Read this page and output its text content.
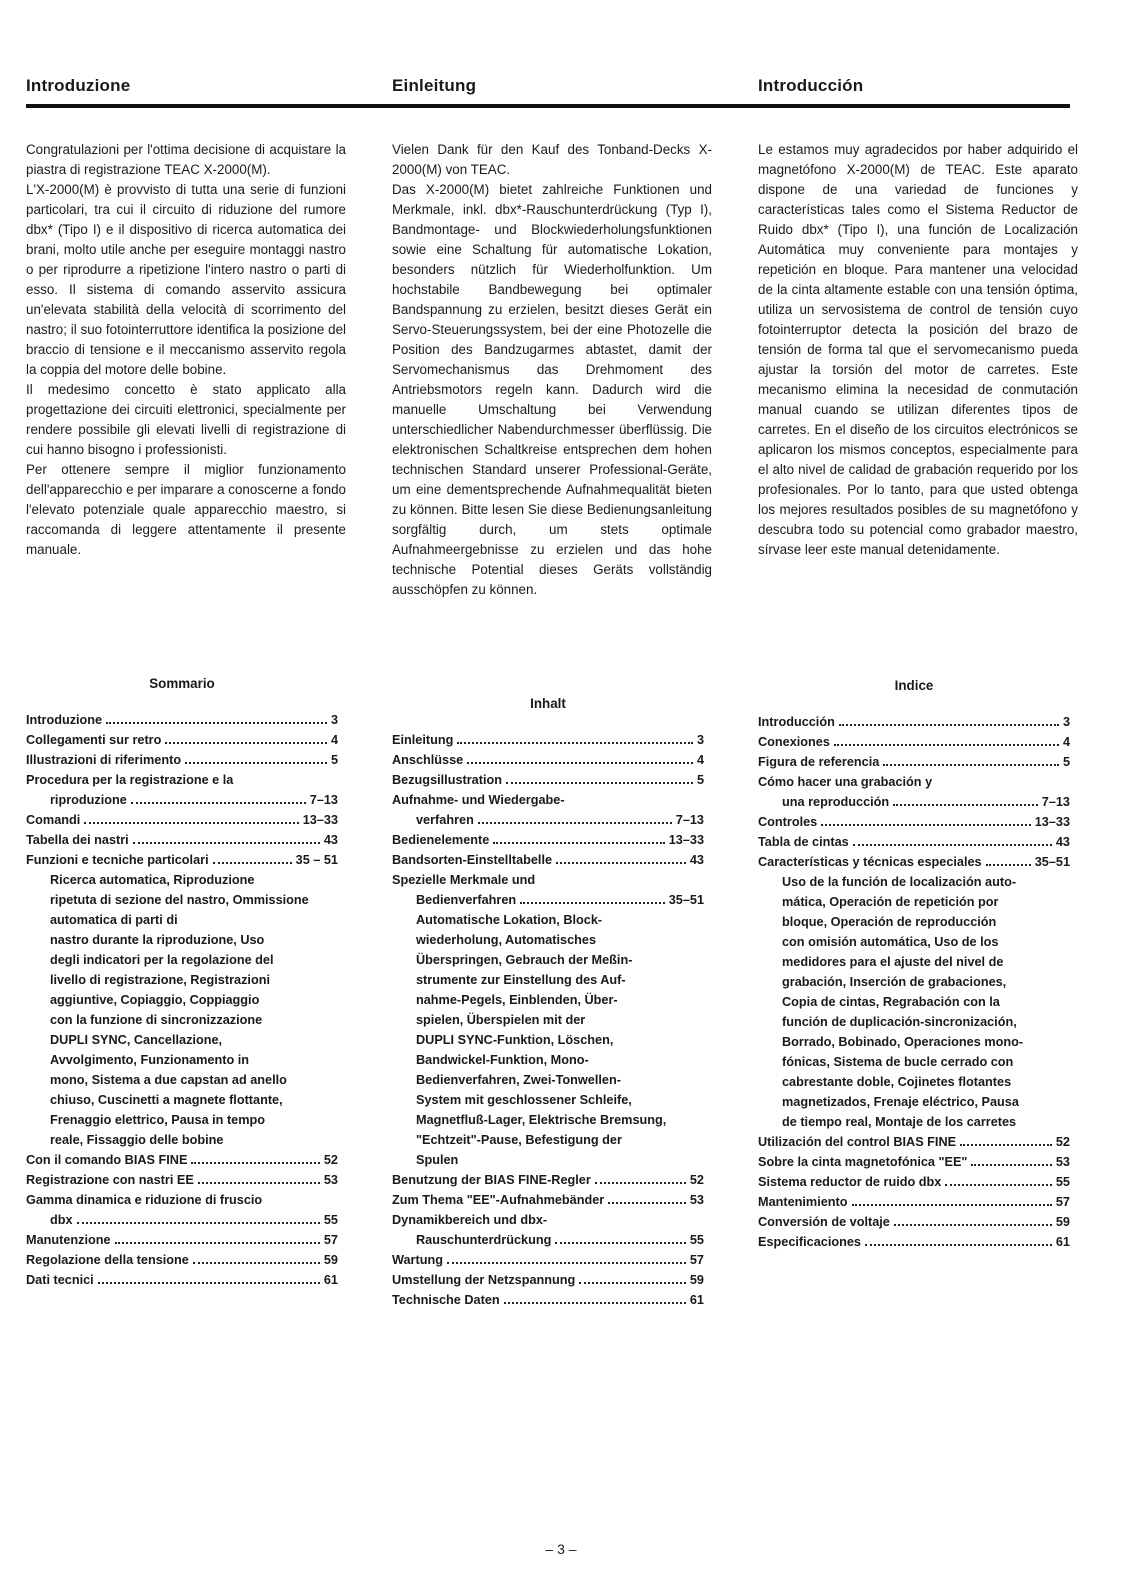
Introduzione	Einleitung	Introducción

Congratulazioni per l'ottima decisione di acquistare la piastra di registrazione TEAC X-2000(M).
L'X-2000(M) è provvisto di tutta una serie di funzioni particolari, tra cui il circuito di riduzione del rumore dbx* (Tipo I) e il dispositivo di ricerca automatica dei brani, molto utile anche per eseguire montaggi nastro o per riprodurre a ripetizione l'intero nastro o parti di esso. Il sistema di comando asservito assicura un'elevata stabilità della velocità di scorrimento del nastro; il suo fotointerruttore identifica la posizione del braccio di tensione e il meccanismo asservito regola la coppia del motore delle bobine.
Il medesimo concetto è stato applicato alla progettazione dei circuiti elettronici, specialmente per rendere possibile gli elevati livelli di registrazione di cui hanno bisogno i professionisti.
Per ottenere sempre il miglior funzionamento dell'apparecchio e per imparare a conoscerne a fondo l'elevato potenziale quale apparecchio maestro, si raccomanda di leggere attentamente il presente manuale.

Vielen Dank für den Kauf des Tonband-Decks X-2000(M) von TEAC.
Das X-2000(M) bietet zahlreiche Funktionen und Merkmale, inkl. dbx*-Rauschunterdrückung (Typ I), Bandmontage- und Blockwiederholungsfunktionen sowie eine Schaltung für automatische Lokation, besonders nützlich für Wiederholfunktion. Um hochstabile Bandbewegung bei optimaler Bandspannung zu erzielen, besitzt dieses Gerät ein Servo-Steuerungssystem, bei der eine Photozelle die Position des Bandzugarmes abtastet, damit der Servomechanismus das Drehmoment des Antriebsmotors regeln kann. Dadurch wird die manuelle Umschaltung bei Verwendung unterschiedlicher Nabendurchmesser überflüssig. Die elektronischen Schaltkreise entsprechen dem hohen technischen Standard unserer Professional-Geräte, um eine dementsprechende Aufnahmequalität bieten zu können. Bitte lesen Sie diese Bedienungsanleitung sorgfältig durch, um stets optimale Aufnahmeergebnisse zu erzielen und das hohe technische Potential dieses Geräts vollständig ausschöpfen zu können.

Le estamos muy agradecidos por haber adquirido el magnetófono X-2000(M) de TEAC. Este aparato dispone de una variedad de funciones y características tales como el Sistema Reductor de Ruido dbx* (Tipo I), una función de Localización Automática muy conveniente para montajes y repetición en bloque. Para mantener una velocidad de la cinta altamente estable con una tensión óptima, utiliza un servosistema de control de tensión cuyo fotointerruptor detecta la posición del brazo de tensión de forma tal que el servomecanismo pueda ajustar la torsión del motor de carretes. Este mecanismo elimina la necesidad de conmutación manual cuando se utilizan diferentes tipos de carretes. En el diseño de los circuitos electrónicos se aplicaron los mismos conceptos, especialmente para el alto nivel de calidad de grabación requerido por los profesionales. Por lo tanto, para que usted obtenga los mejores resultados posibles de su magnetófono y descubra todo su potencial como grabador maestro, sírvase leer este manual detenidamente.

Sommario

Introduzione	3
Collegamenti sur retro	4
Illustrazioni di riferimento	5
Procedura per la registrazione e la
riproduzione	7–13
Comandi	13–33
Tabella dei nastri	43
Funzioni e tecniche particolari	35 – 51
Ricerca automatica, Riproduzione
ripetuta di sezione del nastro, Ommissione automatica di parti di
nastro durante la riproduzione, Uso
degli indicatori per la regolazione del
livello di registrazione, Registrazioni
aggiuntive, Copiaggio, Coppiaggio
con la funzione di sincronizzazione
DUPLI SYNC, Cancellazione,
Avvolgimento, Funzionamento in
mono, Sistema a due capstan ad anello
chiuso, Cuscinetti a magnete flottante,
Frenaggio elettrico, Pausa in tempo
reale, Fissaggio delle bobine
Con il comando BIAS FINE	52
Registrazione con nastri EE	53
Gamma dinamica e riduzione di fruscio
dbx	55
Manutenzione	57
Regolazione della tensione	59
Dati tecnici	61

Inhalt

Einleitung	3
Anschlüsse	4
Bezugsillustration	5
Aufnahme- und Wiedergabe-
verfahren	7–13
Bedienelemente	13–33
Bandsorten-Einstelltabelle	43
Spezielle Merkmale und
Bedienverfahren	35–51
Automatische Lokation, Block-
wiederholung, Automatisches
Überspringen, Gebrauch der Meßin-
strumente zur Einstellung des Auf-
nahme-Pegels, Einblenden, Über-
spielen, Überspielen mit der
DUPLI SYNC-Funktion, Löschen,
Bandwickel-Funktion, Mono-
Bedienverfahren, Zwei-Tonwellen-
System mit geschlossener Schleife,
Magnetfluß-Lager, Elektrische Bremsung,
"Echtzeit"-Pause, Befestigung der
Spulen
Benutzung der BIAS FINE-Regler	52
Zum Thema "EE"-Aufnahmebänder	53
Dynamikbereich und dbx-
Rauschunterdrückung	55
Wartung	57
Umstellung der Netzspannung	59
Technische Daten	61

Indice

Introducción	3
Conexiones	4
Figura de referencia	5
Cómo hacer una grabación y
una reproducción	7–13
Controles	13–33
Tabla de cintas	43
Características y técnicas especiales	35–51
Uso de la función de localización auto-
mática, Operación de repetición por
bloque, Operación de reproducción
con omisión automática, Uso de los
medidores para el ajuste del nivel de
grabación, Inserción de grabaciones,
Copia de cintas, Regrabación con la
función de duplicación-sincronización,
Borrado, Bobinado, Operaciones mono-
fónicas, Sistema de bucle cerrado con
cabrestante doble, Cojinetes flotantes
magnetizados, Frenaje eléctrico, Pausa
de tiempo real, Montaje de los carretes
Utilización del control BIAS FINE	52
Sobre la cinta magnetofónica "EE"	53
Sistema reductor de ruido dbx	55
Mantenimiento	57
Conversión de voltaje	59
Especificaciones	61
– 3 –
